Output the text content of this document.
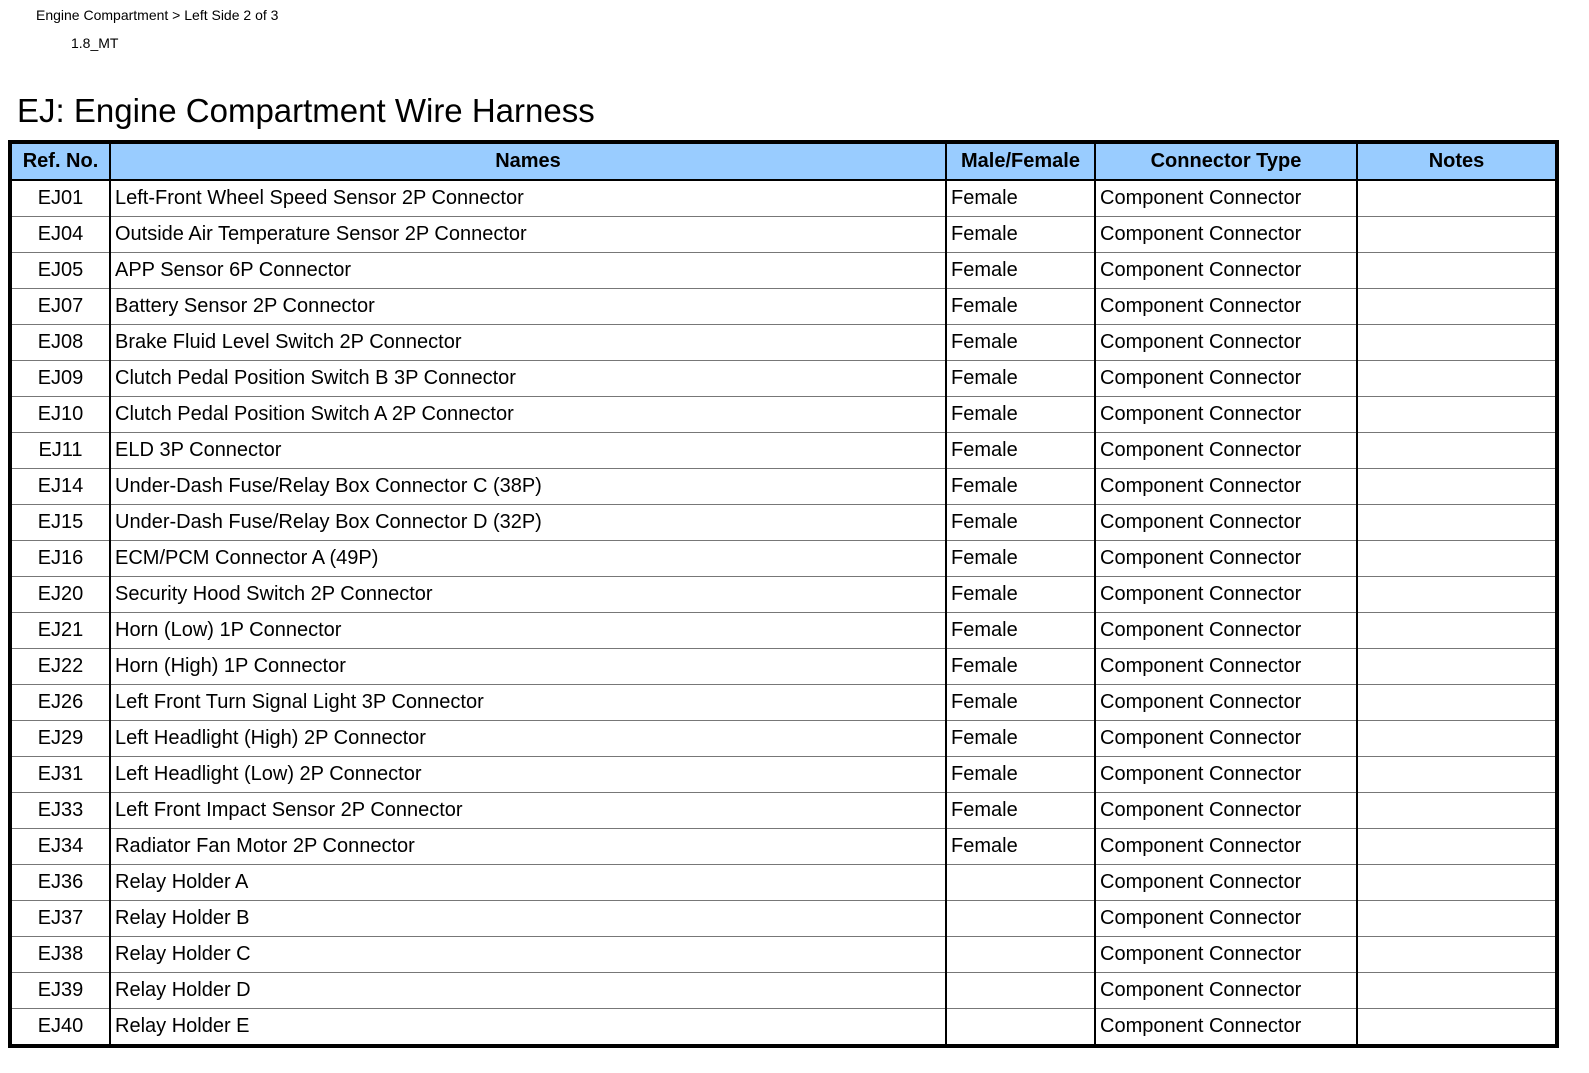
Engine Compartment > Left Side 2 of 3
1.8_MT
EJ: Engine Compartment Wire Harness
Ref. No.	Names	Male/Female	Connector Type	Notes
EJ01	Left-Front Wheel Speed Sensor 2P Connector	Female	Component Connector	
EJ04	Outside Air Temperature Sensor 2P Connector	Female	Component Connector	
EJ05	APP Sensor 6P Connector	Female	Component Connector	
EJ07	Battery Sensor 2P Connector	Female	Component Connector	
EJ08	Brake Fluid Level Switch 2P Connector	Female	Component Connector	
EJ09	Clutch Pedal Position Switch B 3P Connector	Female	Component Connector	
EJ10	Clutch Pedal Position Switch A 2P Connector	Female	Component Connector	
EJ11	ELD 3P Connector	Female	Component Connector	
EJ14	Under-Dash Fuse/Relay Box Connector C (38P)	Female	Component Connector	
EJ15	Under-Dash Fuse/Relay Box Connector D (32P)	Female	Component Connector	
EJ16	ECM/PCM Connector A (49P)	Female	Component Connector	
EJ20	Security Hood Switch 2P Connector	Female	Component Connector	
EJ21	Horn (Low) 1P Connector	Female	Component Connector	
EJ22	Horn (High) 1P Connector	Female	Component Connector	
EJ26	Left Front Turn Signal Light 3P Connector	Female	Component Connector	
EJ29	Left Headlight (High) 2P Connector	Female	Component Connector	
EJ31	Left Headlight (Low) 2P Connector	Female	Component Connector	
EJ33	Left Front Impact Sensor 2P Connector	Female	Component Connector	
EJ34	Radiator Fan Motor 2P Connector	Female	Component Connector	
EJ36	Relay Holder A		Component Connector	
EJ37	Relay Holder B		Component Connector	
EJ38	Relay Holder C		Component Connector	
EJ39	Relay Holder D		Component Connector	
EJ40	Relay Holder E		Component Connector	
